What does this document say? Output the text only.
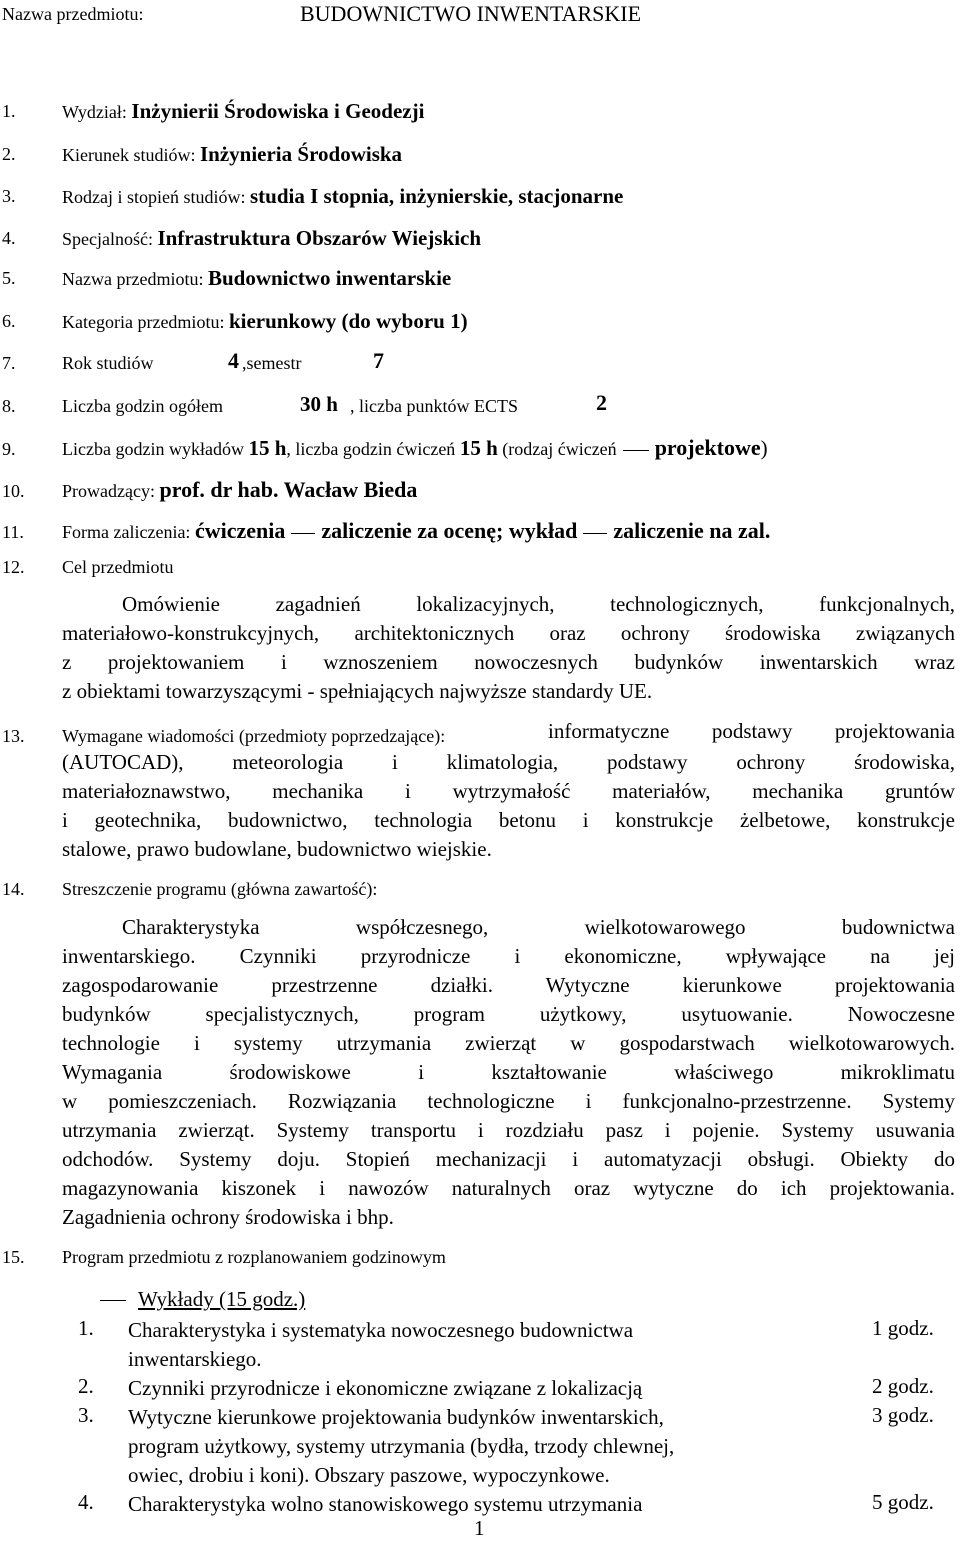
Nazwa przedmiotu:	BUDOWNICTWO INWENTARSKIE
1.	Wydział: Inżynierii Środowiska i Geodezji
2.	Kierunek studiów: Inżynieria Środowiska
3.	Rodzaj i stopień studiów: studia I stopnia, inżynierskie, stacjonarne
4.	Specjalność: Infrastruktura Obszarów Wiejskich
5.	Nazwa przedmiotu: Budownictwo inwentarskie
6.	Kategoria przedmiotu: kierunkowy (do wyboru 1)
7.	Rok studiów	4 ,semestr	7
8.	Liczba godzin ogółem	30 h , liczba punktów ECTS	2
9.	Liczba godzin wykładów 15 h, liczba godzin ćwiczeń 15 h (rodzaj ćwiczeń projektowe)
10. Prowadzący: prof. dr hab. Wacław Bieda
11. Forma zaliczenia: ćwiczenia zaliczenie za ocenę; wykład zaliczenie na zal.
12. Cel przedmiotu
Omówienie zagadnień lokalizacyjnych, technologicznych, funkcjonalnych,
materiałowo-konstrukcyjnych, architektonicznych oraz ochrony środowiska związanych
z projektowaniem i wznoszeniem nowoczesnych budynków inwentarskich wraz
z obiektami towarzyszącymi - spełniających najwyższe standardy UE.
13. Wymagane wiadomości (przedmioty poprzedzające):	informatyczne podstawy projektowania
(AUTOCAD), meteorologia i klimatologia, podstawy ochrony środowiska,
materiałoznawstwo, mechanika i wytrzymałość materiałów, mechanika gruntów
i geotechnika, budownictwo, technologia betonu i konstrukcje żelbetowe, konstrukcje
stalowe, prawo budowlane, budownictwo wiejskie.
14. Streszczenie programu (główna zawartość):
Charakterystyka współczesnego, wielkotowarowego budownictwa
inwentarskiego. Czynniki przyrodnicze i ekonomiczne, wpływające na jej
zagospodarowanie przestrzenne działki. Wytyczne kierunkowe projektowania
budynków specjalistycznych, program użytkowy, usytuowanie. Nowoczesne
technologie i systemy utrzymania zwierząt w gospodarstwach wielkotowarowych.
Wymagania środowiskowe i kształtowanie właściwego mikroklimatu
w pomieszczeniach. Rozwiązania technologiczne i funkcjonalno-przestrzenne. Systemy
utrzymania zwierząt. Systemy transportu i rozdziału pasz i pojenie. Systemy usuwania
odchodów. Systemy doju. Stopień mechanizacji i automatyzacji obsługi. Obiekty do
magazynowania kiszonek i nawozów naturalnych oraz wytyczne do ich projektowania.
Zagadnienia ochrony środowiska i bhp.
15. Program przedmiotu z rozplanowaniem godzinowym
Wykłady (15 godz.)
1. Charakterystyka i systematyka nowoczesnego budownictwa
inwentarskiego.
1 godz.
2. Czynniki przyrodnicze i ekonomiczne związane z lokalizacją	2 godz.
3. Wytyczne kierunkowe projektowania budynków inwentarskich,
program użytkowy, systemy utrzymania (bydła, trzody chlewnej,
owiec, drobiu i koni). Obszary paszowe, wypoczynkowe.
3 godz.
4. Charakterystyka wolno stanowiskowego systemu utrzymania	5 godz.
1
